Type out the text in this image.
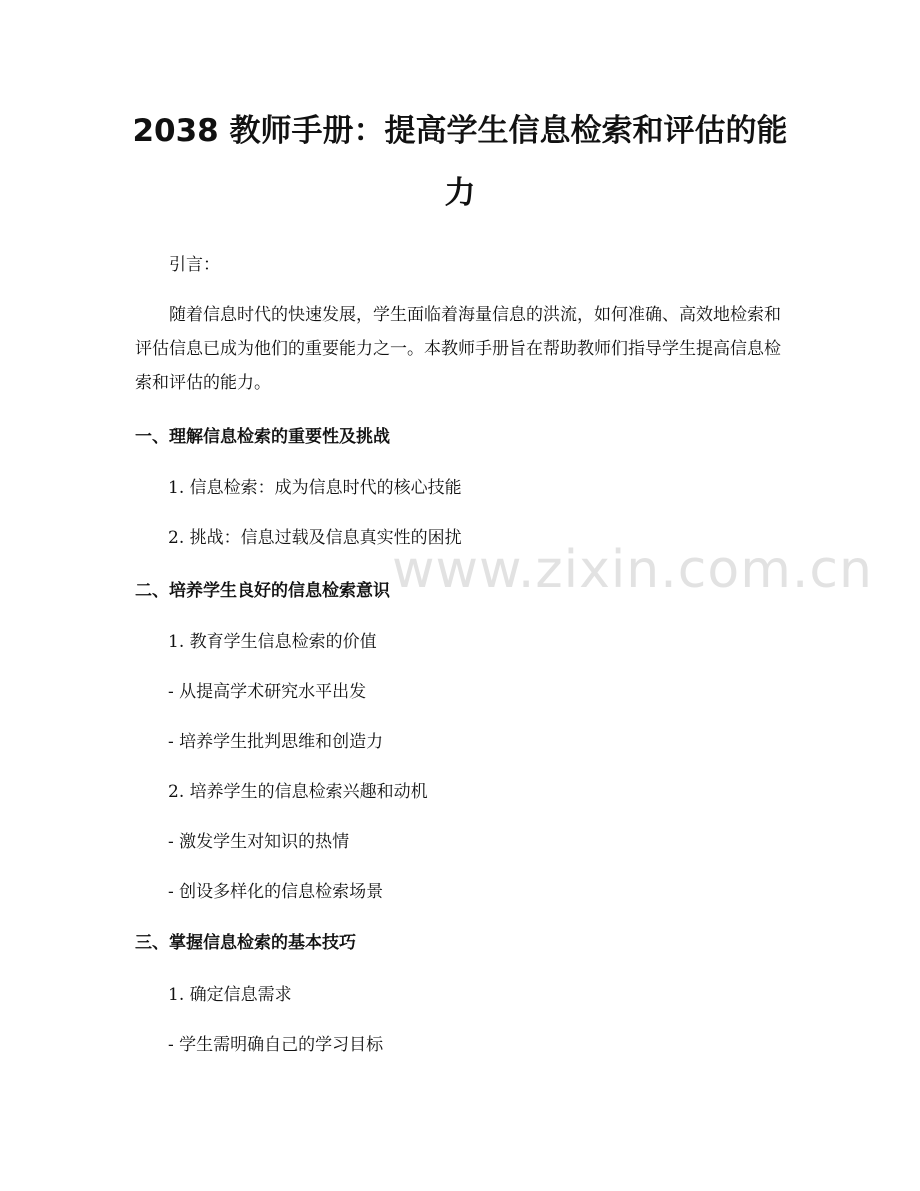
www.zixin.com.cn
2038 教师手册：提高学生信息检索和评估的能力

引言：

随着信息时代的快速发展，学生面临着海量信息的洪流，如何准确、高效地检索和评估信息已成为他们的重要能力之一。本教师手册旨在帮助教师们指导学生提高信息检索和评估的能力。

一、理解信息检索的重要性及挑战

1. 信息检索：成为信息时代的核心技能

2. 挑战：信息过载及信息真实性的困扰

二、培养学生良好的信息检索意识

1. 教育学生信息检索的价值

- 从提高学术研究水平出发

- 培养学生批判思维和创造力

2. 培养学生的信息检索兴趣和动机

- 激发学生对知识的热情

- 创设多样化的信息检索场景

三、掌握信息检索的基本技巧

1. 确定信息需求

- 学生需明确自己的学习目标
